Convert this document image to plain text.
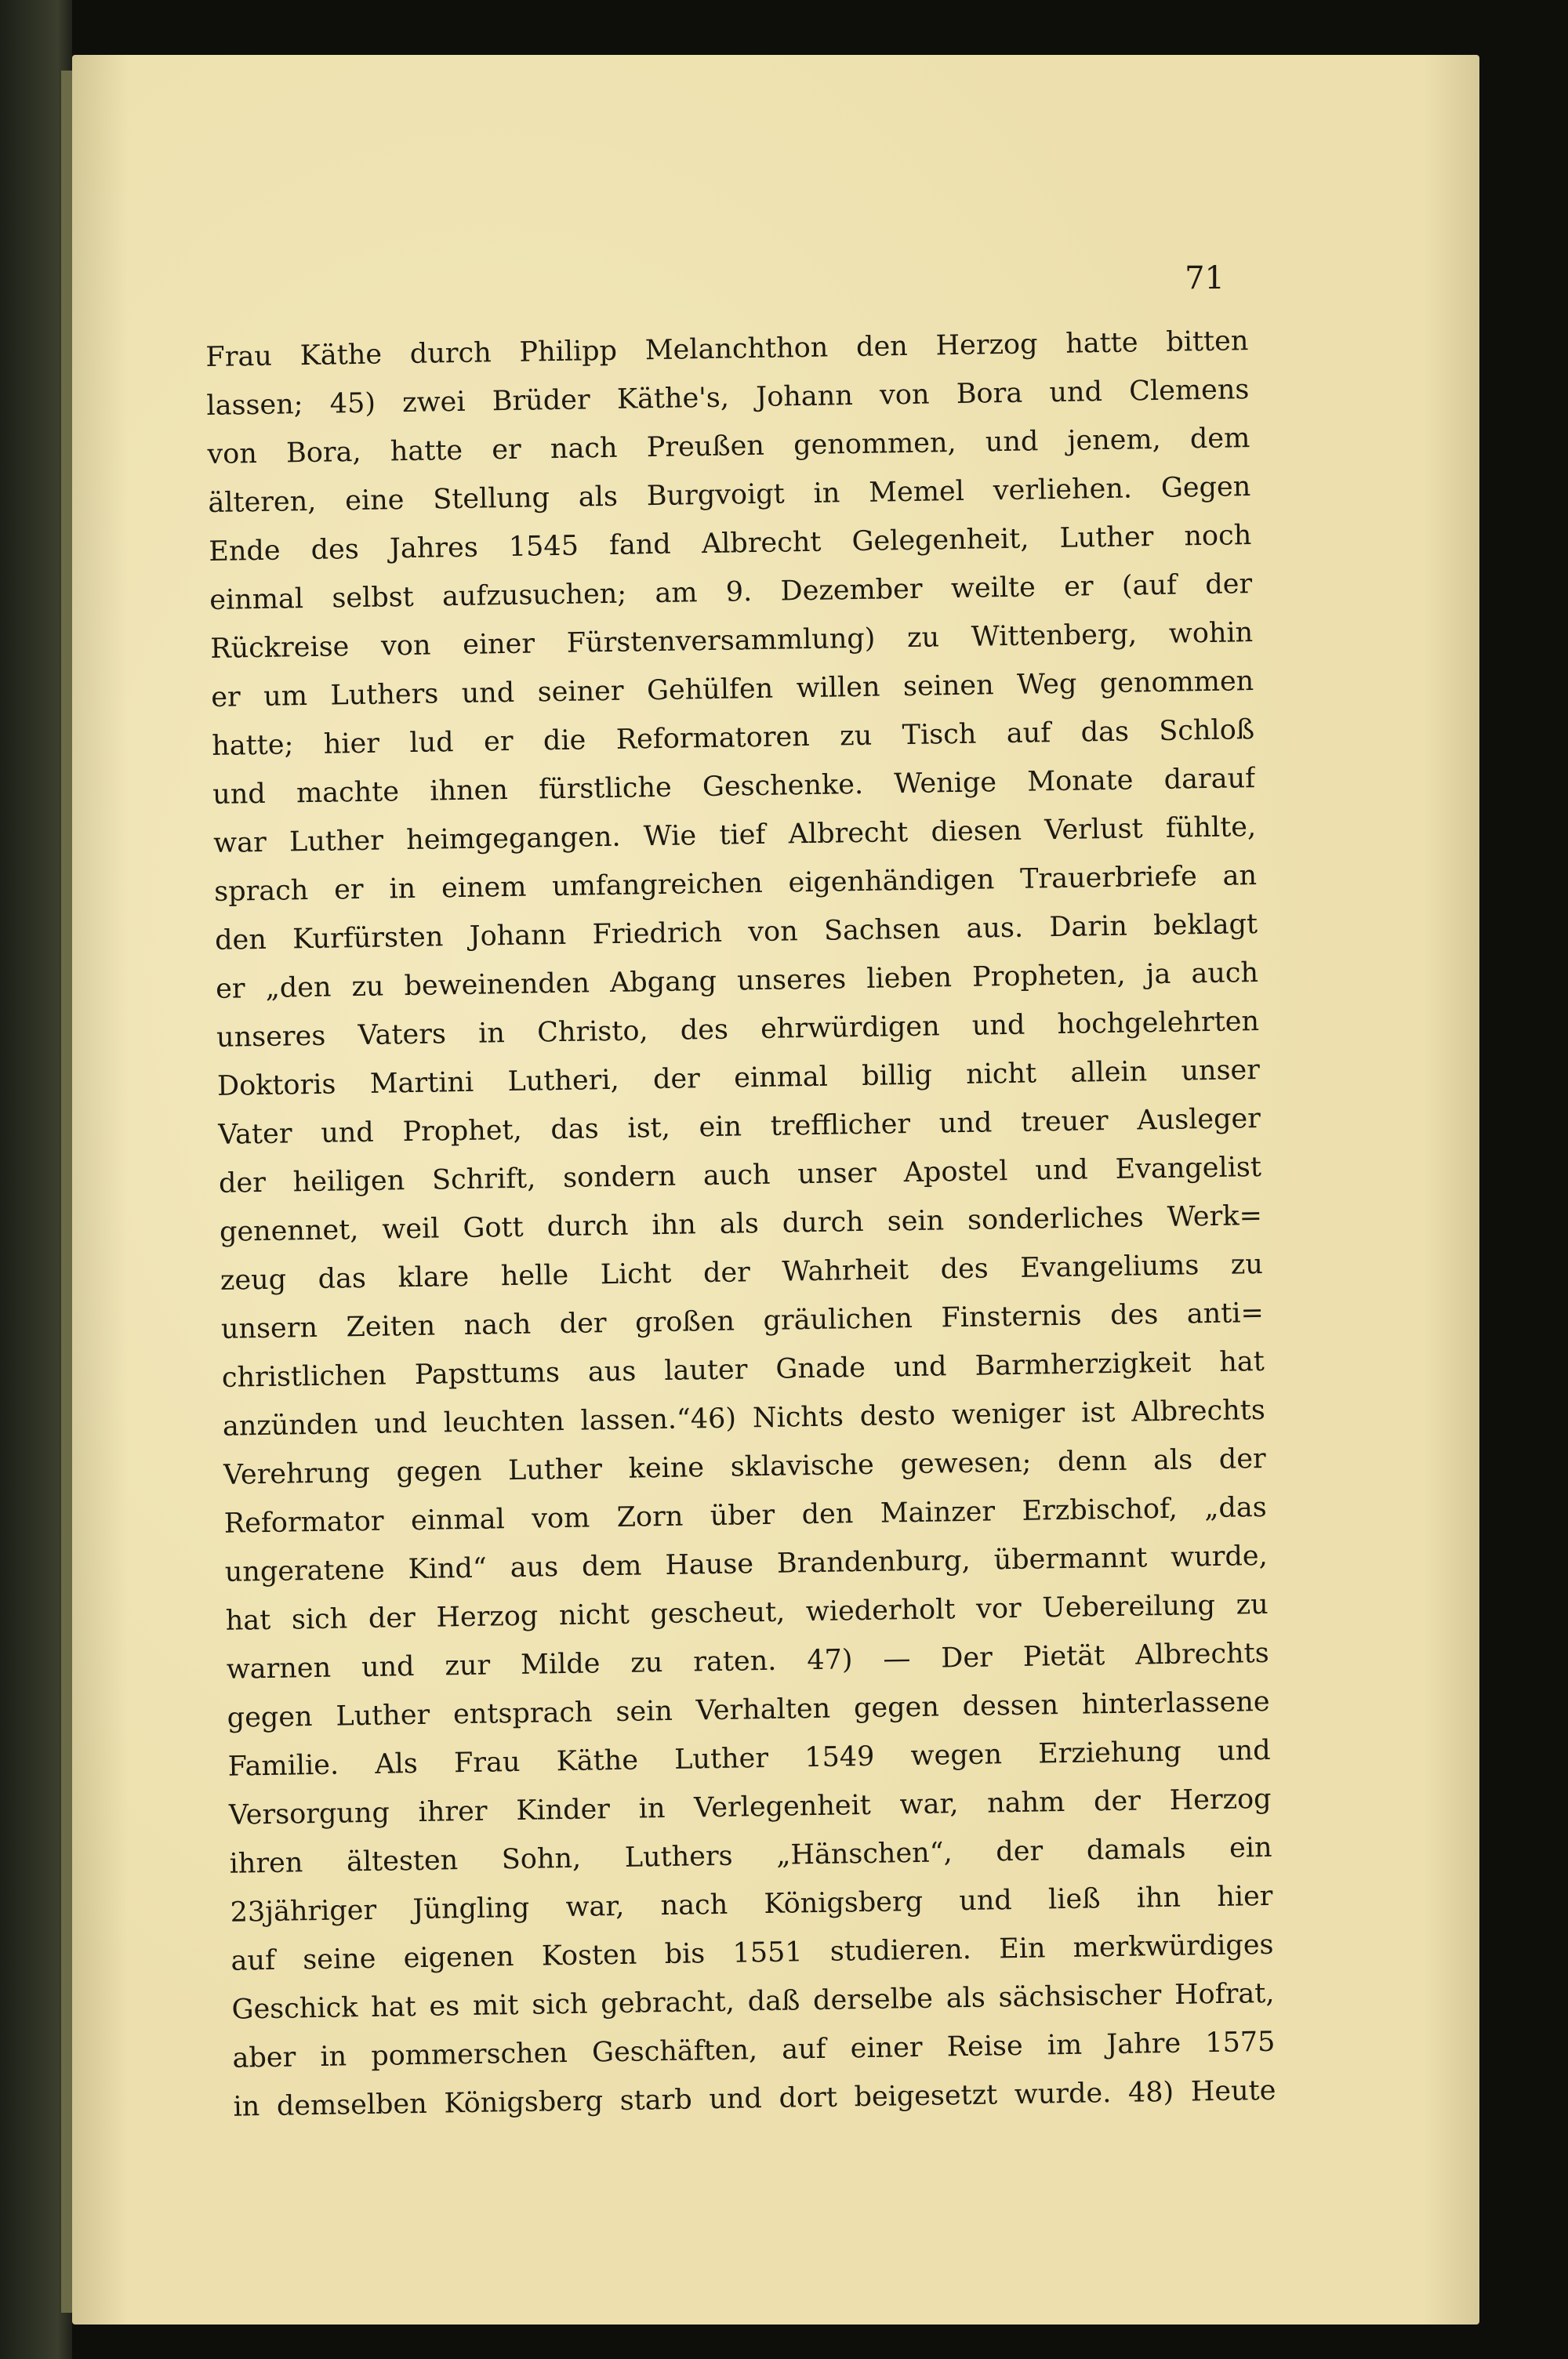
71
Frau Käthe durch Philipp Melanchthon den Herzog hatte bitten
lassen; 45) zwei Brüder Käthe's, Johann von Bora und Clemens
von Bora, hatte er nach Preußen genommen, und jenem, dem
älteren, eine Stellung als Burgvoigt in Memel verliehen. Gegen
Ende des Jahres 1545 fand Albrecht Gelegenheit, Luther noch
einmal selbst aufzusuchen; am 9. Dezember weilte er (auf der
Rückreise von einer Fürstenversammlung) zu Wittenberg, wohin
er um Luthers und seiner Gehülfen willen seinen Weg genommen
hatte; hier lud er die Reformatoren zu Tisch auf das Schloß
und machte ihnen fürstliche Geschenke. Wenige Monate darauf
war Luther heimgegangen. Wie tief Albrecht diesen Verlust fühlte,
sprach er in einem umfangreichen eigenhändigen Trauerbriefe an
den Kurfürsten Johann Friedrich von Sachsen aus. Darin beklagt
er „den zu beweinenden Abgang unseres lieben Propheten, ja auch
unseres Vaters in Christo, des ehrwürdigen und hochgelehrten
Doktoris Martini Lutheri, der einmal billig nicht allein unser
Vater und Prophet, das ist, ein trefflicher und treuer Ausleger
der heiligen Schrift, sondern auch unser Apostel und Evangelist
genennet, weil Gott durch ihn als durch sein sonderliches Werk=
zeug das klare helle Licht der Wahrheit des Evangeliums zu
unsern Zeiten nach der großen gräulichen Finsternis des anti=
christlichen Papsttums aus lauter Gnade und Barmherzigkeit hat
anzünden und leuchten lassen.“46) Nichts desto weniger ist Albrechts
Verehrung gegen Luther keine sklavische gewesen; denn als der
Reformator einmal vom Zorn über den Mainzer Erzbischof, „das
ungeratene Kind“ aus dem Hause Brandenburg, übermannt wurde,
hat sich der Herzog nicht gescheut, wiederholt vor Uebereilung zu
warnen und zur Milde zu raten. 47) — Der Pietät Albrechts
gegen Luther entsprach sein Verhalten gegen dessen hinterlassene
Familie. Als Frau Käthe Luther 1549 wegen Erziehung und
Versorgung ihrer Kinder in Verlegenheit war, nahm der Herzog
ihren ältesten Sohn, Luthers „Hänschen“, der damals ein
23jähriger Jüngling war, nach Königsberg und ließ ihn hier
auf seine eigenen Kosten bis 1551 studieren. Ein merkwürdiges
Geschick hat es mit sich gebracht, daß derselbe als sächsischer Hofrat,
aber in pommerschen Geschäften, auf einer Reise im Jahre 1575
in demselben Königsberg starb und dort beigesetzt wurde. 48) Heute
